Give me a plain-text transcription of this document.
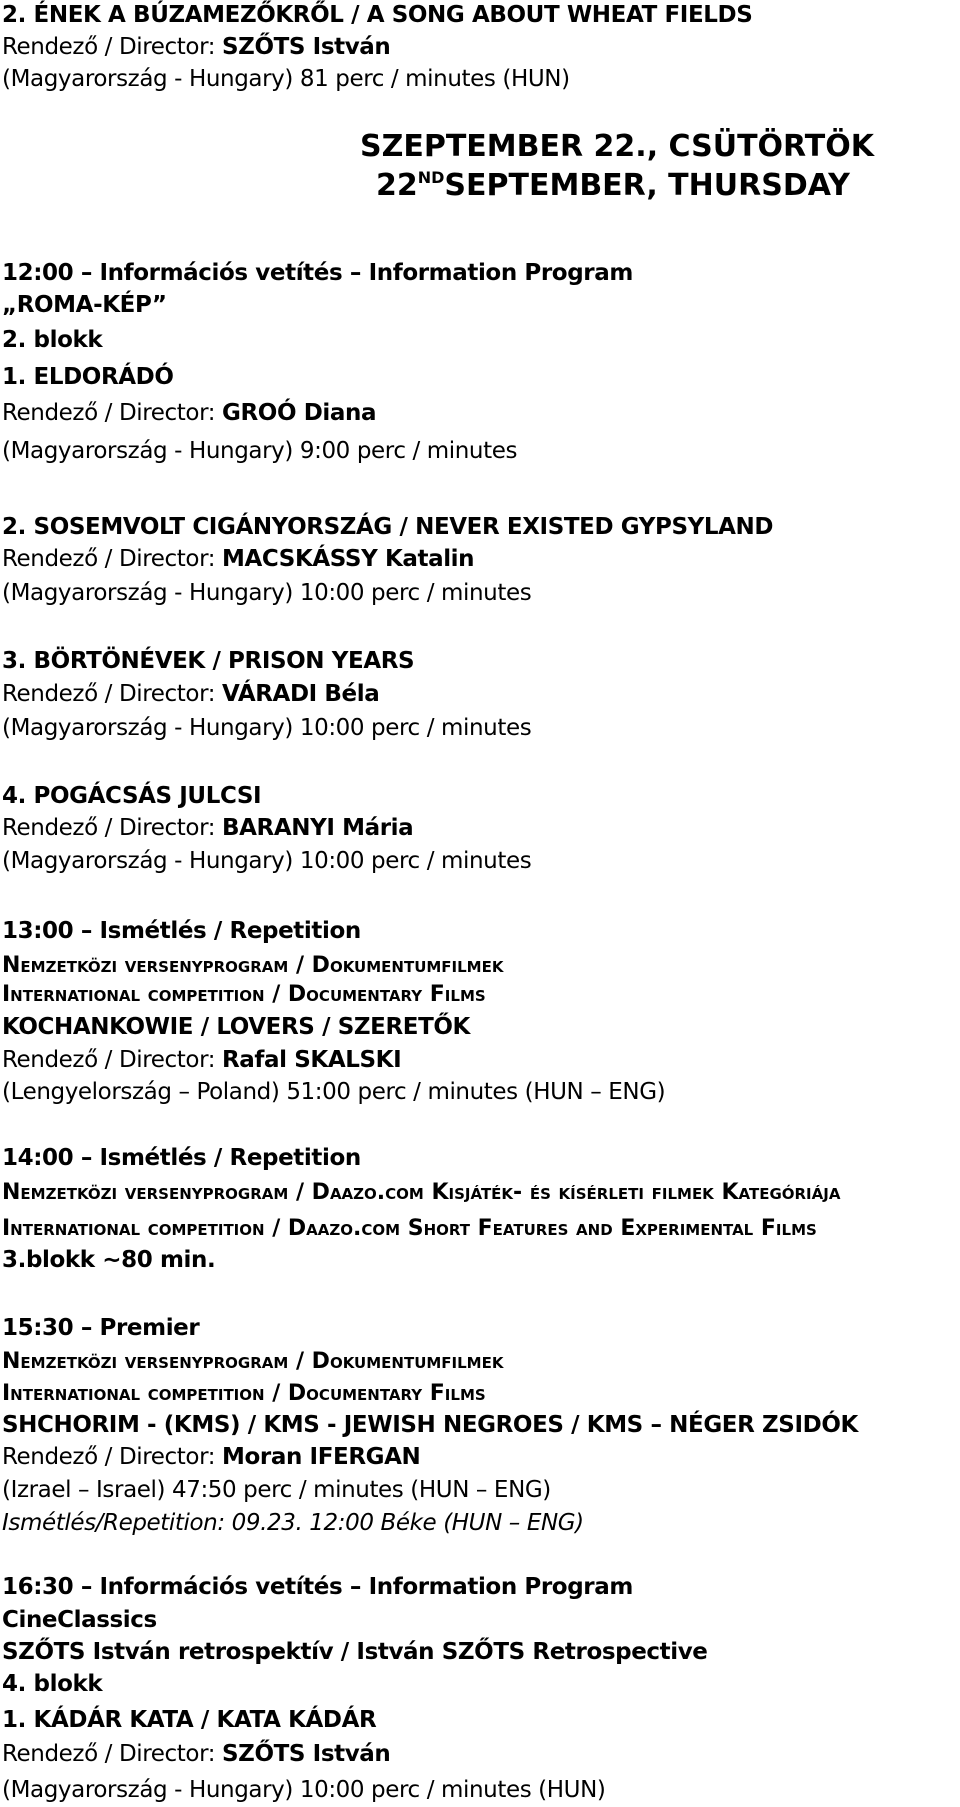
2. ÉNEK A BÚZAMEZŐKRŐL / A SONG ABOUT WHEAT FIELDS
Rendező / Director: SZŐTS István
(Magyarország - Hungary) 81 perc / minutes (HUN)
SZEPTEMBER 22., CSÜTÖRTÖK
22NDSEPTEMBER, THURSDAY
12:00 – Információs vetítés – Information Program
„ROMA-KÉP”
2. blokk
1. ELDORÁDÓ
Rendező / Director: GROÓ Diana
(Magyarország - Hungary) 9:00 perc / minutes
2. SOSEMVOLT CIGÁNYORSZÁG / NEVER EXISTED GYPSYLAND
Rendező / Director: MACSKÁSSY Katalin
(Magyarország - Hungary) 10:00 perc / minutes
3. BÖRTÖNÉVEK / PRISON YEARS
Rendező / Director: VÁRADI Béla
(Magyarország - Hungary) 10:00 perc / minutes
4. POGÁCSÁS JULCSI
Rendező / Director: BARANYI Mária
(Magyarország - Hungary) 10:00 perc / minutes
13:00 – Ismétlés / Repetition
Nemzetközi versenyprogram / Dokumentumfilmek
International competition / Documentary Films
KOCHANKOWIE / LOVERS / SZERETŐK
Rendező / Director: Rafal SKALSKI
(Lengyelország – Poland) 51:00 perc / minutes (HUN – ENG)
14:00 – Ismétlés / Repetition
Nemzetközi versenyprogram / Daazo.com Kisjáték- és kísérleti filmek Kategóriája
International competition / Daazo.com Short Features and Experimental Films
3.blokk ~80 min.
15:30 – Premier
Nemzetközi versenyprogram / Dokumentumfilmek
International competition / Documentary Films
SHCHORIM - (KMS) / KMS - JEWISH NEGROES / KMS – NÉGER ZSIDÓK
Rendező / Director: Moran IFERGAN
(Izrael – Israel) 47:50 perc / minutes (HUN – ENG)
Ismétlés/Repetition: 09.23. 12:00 Béke (HUN – ENG)
16:30 – Információs vetítés – Information Program
CineClassics
SZŐTS István retrospektív / István SZŐTS Retrospective
4. blokk
1. KÁDÁR KATA / KATA KÁDÁR
Rendező / Director: SZŐTS István
(Magyarország - Hungary) 10:00 perc / minutes (HUN)
